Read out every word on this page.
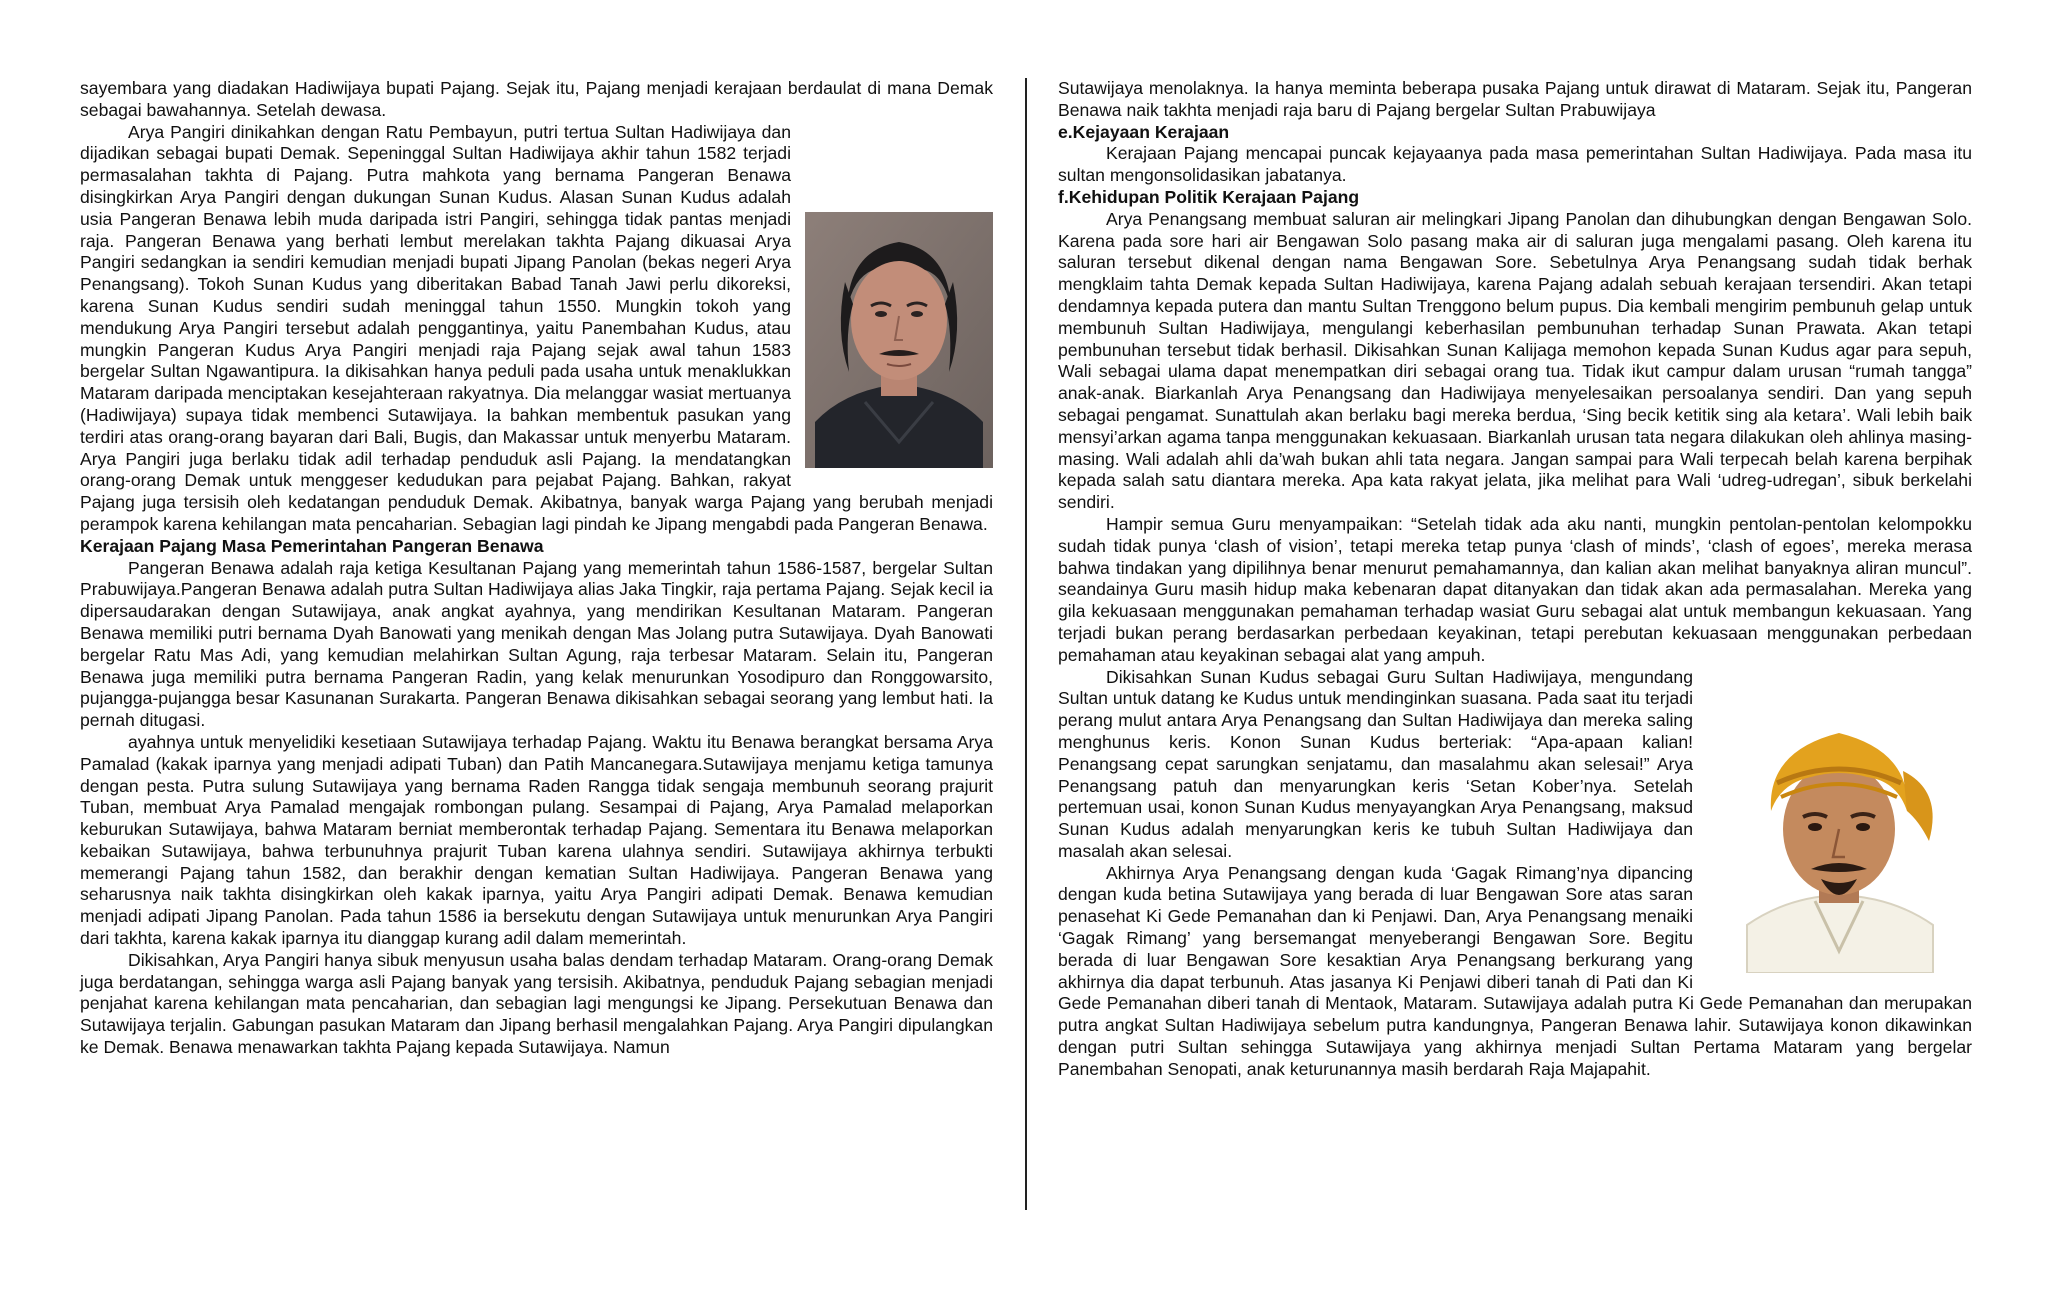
sayembara yang diadakan Hadiwijaya bupati Pajang. Sejak itu, Pajang menjadi kerajaan berdaulat di mana Demak sebagai bawahannya. Setelah dewasa.

Arya Pangiri dinikahkan dengan Ratu Pembayun, putri tertua Sultan Hadiwijaya dan dijadikan sebagai bupati Demak. Sepeninggal Sultan Hadiwijaya akhir tahun 1582 terjadi permasalahan takhta di Pajang. Putra mahkota yang bernama Pangeran Benawa disingkirkan Arya Pangiri dengan dukungan Sunan Kudus. Alasan Sunan Kudus adalah usia Pangeran Benawa lebih muda daripada istri Pangiri, sehingga tidak pantas menjadi raja. Pangeran Benawa yang berhati lembut merelakan takhta Pajang dikuasai Arya Pangiri sedangkan ia sendiri kemudian menjadi bupati Jipang Panolan (bekas negeri Arya Penangsang). Tokoh Sunan Kudus yang diberitakan Babad Tanah Jawi perlu dikoreksi, karena Sunan Kudus sendiri sudah meninggal tahun 1550. Mungkin tokoh yang mendukung Arya Pangiri tersebut adalah penggantinya, yaitu Panembahan Kudus, atau mungkin Pangeran Kudus Arya Pangiri menjadi raja Pajang sejak awal tahun 1583 bergelar Sultan Ngawantipura. Ia dikisahkan hanya peduli pada usaha untuk menaklukkan Mataram daripada menciptakan kesejahteraan rakyatnya. Dia melanggar wasiat mertuanya (Hadiwijaya) supaya tidak membenci Sutawijaya. Ia bahkan membentuk pasukan yang terdiri atas orang-orang bayaran dari Bali, Bugis, dan Makassar untuk menyerbu Mataram. Arya Pangiri juga berlaku tidak adil terhadap penduduk asli Pajang. Ia mendatangkan orang-orang Demak untuk menggeser kedudukan para pejabat Pajang. Bahkan, rakyat Pajang juga tersisih oleh kedatangan penduduk Demak. Akibatnya, banyak warga Pajang yang berubah menjadi perampok karena kehilangan mata pencaharian. Sebagian lagi pindah ke Jipang mengabdi pada Pangeran Benawa.

Kerajaan Pajang Masa Pemerintahan Pangeran Benawa

Pangeran Benawa adalah raja ketiga Kesultanan Pajang yang memerintah tahun 1586-1587, bergelar Sultan Prabuwijaya.Pangeran Benawa adalah putra Sultan Hadiwijaya alias Jaka Tingkir, raja pertama Pajang. Sejak kecil ia dipersaudarakan dengan Sutawijaya, anak angkat ayahnya, yang mendirikan Kesultanan Mataram. Pangeran Benawa memiliki putri bernama Dyah Banowati yang menikah dengan Mas Jolang putra Sutawijaya. Dyah Banowati bergelar Ratu Mas Adi, yang kemudian melahirkan Sultan Agung, raja terbesar Mataram. Selain itu, Pangeran Benawa juga memiliki putra bernama Pangeran Radin, yang kelak menurunkan Yosodipuro dan Ronggowarsito, pujangga-pujangga besar Kasunanan Surakarta. Pangeran Benawa dikisahkan sebagai seorang yang lembut hati. Ia pernah ditugasi.

ayahnya untuk menyelidiki kesetiaan Sutawijaya terhadap Pajang. Waktu itu Benawa berangkat bersama Arya Pamalad (kakak iparnya yang menjadi adipati Tuban) dan Patih Mancanegara.Sutawijaya menjamu ketiga tamunya dengan pesta. Putra sulung Sutawijaya yang bernama Raden Rangga tidak sengaja membunuh seorang prajurit Tuban, membuat Arya Pamalad mengajak rombongan pulang. Sesampai di Pajang, Arya Pamalad melaporkan keburukan Sutawijaya, bahwa Mataram berniat memberontak terhadap Pajang. Sementara itu Benawa melaporkan kebaikan Sutawijaya, bahwa terbunuhnya prajurit Tuban karena ulahnya sendiri. Sutawijaya akhirnya terbukti memerangi Pajang tahun 1582, dan berakhir dengan kematian Sultan Hadiwijaya. Pangeran Benawa yang seharusnya naik takhta disingkirkan oleh kakak iparnya, yaitu Arya Pangiri adipati Demak. Benawa kemudian menjadi adipati Jipang Panolan. Pada tahun 1586 ia bersekutu dengan Sutawijaya untuk menurunkan Arya Pangiri dari takhta, karena kakak iparnya itu dianggap kurang adil dalam memerintah.

Dikisahkan, Arya Pangiri hanya sibuk menyusun usaha balas dendam terhadap Mataram. Orang-orang Demak juga berdatangan, sehingga warga asli Pajang banyak yang tersisih. Akibatnya, penduduk Pajang sebagian menjadi penjahat karena kehilangan mata pencaharian, dan sebagian lagi mengungsi ke Jipang. Persekutuan Benawa dan Sutawijaya terjalin. Gabungan pasukan Mataram dan Jipang berhasil mengalahkan Pajang. Arya Pangiri dipulangkan ke Demak. Benawa menawarkan takhta Pajang kepada Sutawijaya. Namun

Sutawijaya menolaknya. Ia hanya meminta beberapa pusaka Pajang untuk dirawat di Mataram. Sejak itu, Pangeran Benawa naik takhta menjadi raja baru di Pajang bergelar Sultan Prabuwijaya

e.Kejayaan Kerajaan

Kerajaan Pajang mencapai puncak kejayaanya pada masa pemerintahan Sultan Hadiwijaya. Pada masa itu sultan mengonsolidasikan jabatanya.

f.Kehidupan Politik Kerajaan Pajang

Arya Penangsang membuat saluran air melingkari Jipang Panolan dan dihubungkan dengan Bengawan Solo. Karena pada sore hari air Bengawan Solo pasang maka air di saluran juga mengalami pasang. Oleh karena itu saluran tersebut dikenal dengan nama Bengawan Sore. Sebetulnya Arya Penangsang sudah tidak berhak mengklaim tahta Demak kepada Sultan Hadiwijaya, karena Pajang adalah sebuah kerajaan tersendiri. Akan tetapi dendamnya kepada putera dan mantu Sultan Trenggono belum pupus. Dia kembali mengirim pembunuh gelap untuk membunuh Sultan Hadiwijaya, mengulangi keberhasilan pembunuhan terhadap Sunan Prawata. Akan tetapi pembunuhan tersebut tidak berhasil. Dikisahkan Sunan Kalijaga memohon kepada Sunan Kudus agar para sepuh, Wali sebagai ulama dapat menempatkan diri sebagai orang tua. Tidak ikut campur dalam urusan “rumah tangga” anak-anak. Biarkanlah Arya Penangsang dan Hadiwijaya menyelesaikan persoalanya sendiri. Dan yang sepuh sebagai pengamat. Sunattulah akan berlaku bagi mereka berdua, ‘Sing becik ketitik sing ala ketara’. Wali lebih baik mensyi’arkan agama tanpa menggunakan kekuasaan. Biarkanlah urusan tata negara dilakukan oleh ahlinya masing-masing. Wali adalah ahli da’wah bukan ahli tata negara. Jangan sampai para Wali terpecah belah karena berpihak kepada salah satu diantara mereka. Apa kata rakyat jelata, jika melihat para Wali ‘udreg-udregan’, sibuk berkelahi sendiri.

Hampir semua Guru menyampaikan: “Setelah tidak ada aku nanti, mungkin pentolan-pentolan kelompokku sudah tidak punya ‘clash of vision’, tetapi mereka tetap punya ‘clash of minds’, ‘clash of egoes’, mereka merasa bahwa tindakan yang dipilihnya benar menurut pemahamannya, dan kalian akan melihat banyaknya aliran muncul”. seandainya Guru masih hidup maka kebenaran dapat ditanyakan dan tidak akan ada permasalahan. Mereka yang gila kekuasaan menggunakan pemahaman terhadap wasiat Guru sebagai alat untuk membangun kekuasaan. Yang terjadi bukan perang berdasarkan perbedaan keyakinan, tetapi perebutan kekuasaan menggunakan perbedaan pemahaman atau keyakinan sebagai alat yang ampuh.

Dikisahkan Sunan Kudus sebagai Guru Sultan Hadiwijaya, mengundang Sultan untuk datang ke Kudus untuk mendinginkan suasana. Pada saat itu terjadi perang mulut antara Arya Penangsang dan Sultan Hadiwijaya dan mereka saling menghunus keris. Konon Sunan Kudus berteriak: “Apa-apaan kalian! Penangsang cepat sarungkan senjatamu, dan masalahmu akan selesai!” Arya Penangsang patuh dan menyarungkan keris ‘Setan Kober’nya. Setelah pertemuan usai, konon Sunan Kudus menyayangkan Arya Penangsang, maksud Sunan Kudus adalah menyarungkan keris ke tubuh Sultan Hadiwijaya dan masalah akan selesai.

Akhirnya Arya Penangsang dengan kuda ‘Gagak Rimang’nya dipancing dengan kuda betina Sutawijaya yang berada di luar Bengawan Sore atas saran penasehat Ki Gede Pemanahan dan ki Penjawi. Dan, Arya Penangsang menaiki ‘Gagak Rimang’ yang bersemangat menyeberangi Bengawan Sore. Begitu berada di luar Bengawan Sore kesaktian Arya Penangsang berkurang yang akhirnya dia dapat terbunuh. Atas jasanya Ki Penjawi diberi tanah di Pati dan Ki Gede Pemanahan diberi tanah di Mentaok, Mataram. Sutawijaya adalah putra Ki Gede Pemanahan dan merupakan putra angkat Sultan Hadiwijaya sebelum putra kandungnya, Pangeran Benawa lahir. Sutawijaya konon dikawinkan dengan putri Sultan sehingga Sutawijaya yang akhirnya menjadi Sultan Pertama Mataram yang bergelar Panembahan Senopati, anak keturunannya masih berdarah Raja Majapahit.
